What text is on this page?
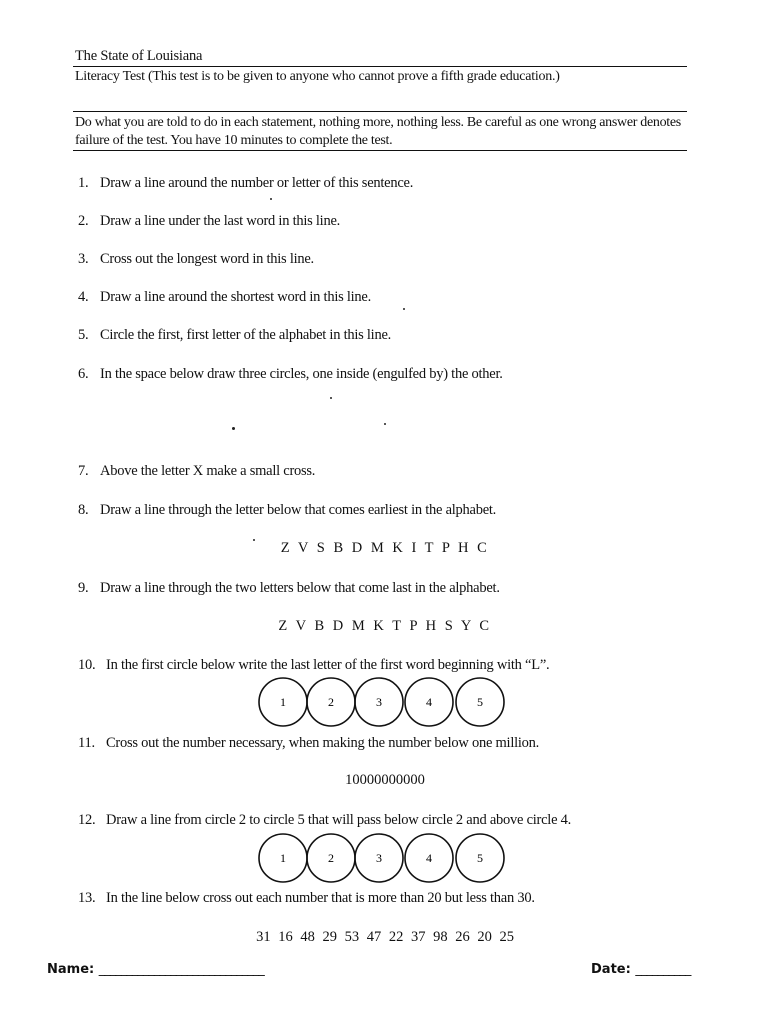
The State of Louisiana
Literacy Test (This test is to be given to anyone who cannot prove a fifth grade education.)
Do what you are told to do in each statement, nothing more, nothing less. Be careful as one wrong answer denotes failure of the test. You have 10 minutes to complete the test.
1. Draw a line around the number or letter of this sentence.
2. Draw a line under the last word in this line.
3. Cross out the longest word in this line.
4. Draw a line around the shortest word in this line.
5. Circle the first, first letter of the alphabet in this line.
6. In the space below draw three circles, one inside (engulfed by) the other.
7. Above the letter X make a small cross.
8. Draw a line through the letter below that comes earliest in the alphabet.
Z V S B D M K I T P H C
9. Draw a line through the two letters below that come last in the alphabet.
Z V B D M K T P H S Y C
10. In the first circle below write the last letter of the first word beginning with “L”.
1	2	3	4	5
11. Cross out the number necessary, when making the number below one million.
10000000000
12. Draw a line from circle 2 to circle 5 that will pass below circle 2 and above circle 4.
1	2	3	4	5
13. In the line below cross out each number that is more than 20 but less than 30.
31 16 48 29 53 47 22 37 98 26 20 25
Name: ______________________________	Date: __________
